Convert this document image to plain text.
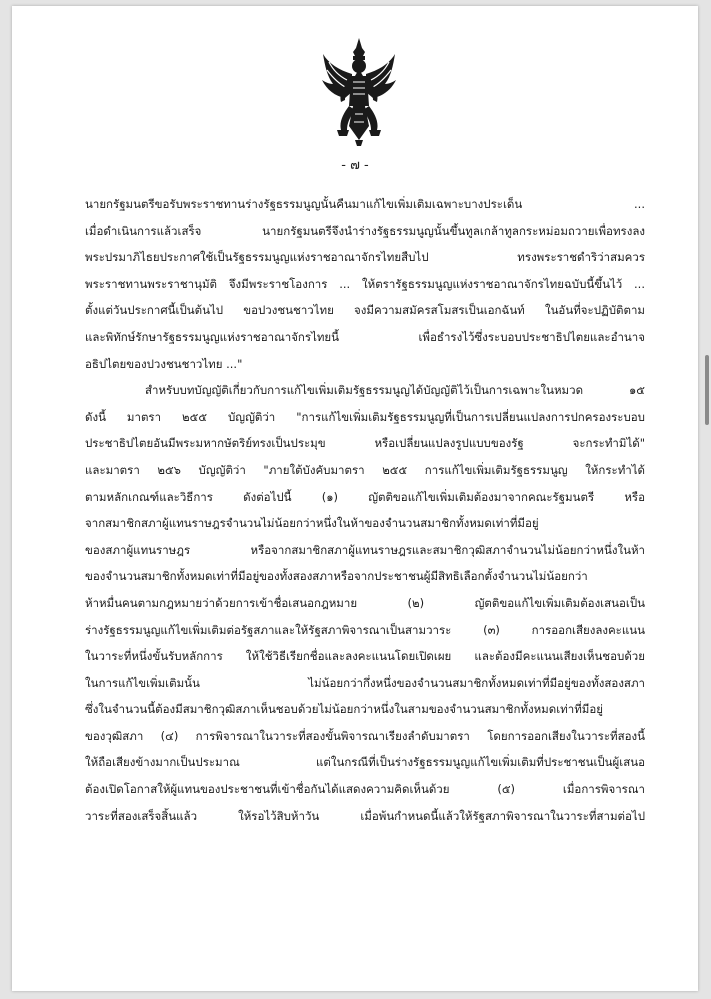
- ๗ -
นายกรัฐมนตรีขอรับพระราชทานร่างรัฐธรรมนูญนั้นคืนมาแก้ไขเพิ่มเติมเฉพาะบางประเด็น ...
เมื่อดำเนินการแล้วเสร็จ นายกรัฐมนตรีจึงนำร่างรัฐธรรมนูญนั้นขึ้นทูลเกล้าทูลกระหม่อมถวายเพื่อทรงลง
พระปรมาภิไธยประกาศใช้เป็นรัฐธรรมนูญแห่งราชอาณาจักรไทยสืบไป ทรงพระราชดำริว่าสมควร
พระราชทานพระราชานุมัติ จึงมีพระราชโองการ ... ให้ตรารัฐธรรมนูญแห่งราชอาณาจักรไทยฉบับนี้ขึ้นไว้ ...
ตั้งแต่วันประกาศนี้เป็นต้นไป ขอปวงชนชาวไทย จงมีความสมัครสโมสรเป็นเอกฉันท์ ในอันที่จะปฏิบัติตาม
และพิทักษ์รักษารัฐธรรมนูญแห่งราชอาณาจักรไทยนี้ เพื่อธำรงไว้ซึ่งระบอบประชาธิปไตยและอำนาจ
อธิปไตยของปวงชนชาวไทย ..."
สำหรับบทบัญญัติเกี่ยวกับการแก้ไขเพิ่มเติมรัฐธรรมนูญได้บัญญัติไว้เป็นการเฉพาะในหมวด ๑๕
ดังนี้ มาตรา ๒๕๕ บัญญัติว่า "การแก้ไขเพิ่มเติมรัฐธรรมนูญที่เป็นการเปลี่ยนแปลงการปกครองระบอบ
ประชาธิปไตยอันมีพระมหากษัตริย์ทรงเป็นประมุข หรือเปลี่ยนแปลงรูปแบบของรัฐ จะกระทำมิได้"
และมาตรา ๒๕๖ บัญญัติว่า "ภายใต้บังคับมาตรา ๒๕๕ การแก้ไขเพิ่มเติมรัฐธรรมนูญ ให้กระทำได้
ตามหลักเกณฑ์และวิธีการ ดังต่อไปนี้ (๑) ญัตติขอแก้ไขเพิ่มเติมต้องมาจากคณะรัฐมนตรี หรือ
จากสมาชิกสภาผู้แทนราษฎรจำนวนไม่น้อยกว่าหนึ่งในห้าของจำนวนสมาชิกทั้งหมดเท่าที่มีอยู่
ของสภาผู้แทนราษฎร หรือจากสมาชิกสภาผู้แทนราษฎรและสมาชิกวุฒิสภาจำนวนไม่น้อยกว่าหนึ่งในห้า
ของจำนวนสมาชิกทั้งหมดเท่าที่มีอยู่ของทั้งสองสภาหรือจากประชาชนผู้มีสิทธิเลือกตั้งจำนวนไม่น้อยกว่า
ห้าหมื่นคนตามกฎหมายว่าด้วยการเข้าชื่อเสนอกฎหมาย (๒) ญัตติขอแก้ไขเพิ่มเติมต้องเสนอเป็น
ร่างรัฐธรรมนูญแก้ไขเพิ่มเติมต่อรัฐสภาและให้รัฐสภาพิจารณาเป็นสามวาระ (๓) การออกเสียงลงคะแนน
ในวาระที่หนึ่งขั้นรับหลักการ ให้ใช้วิธีเรียกชื่อและลงคะแนนโดยเปิดเผย และต้องมีคะแนนเสียงเห็นชอบด้วย
ในการแก้ไขเพิ่มเติมนั้น ไม่น้อยกว่ากึ่งหนึ่งของจำนวนสมาชิกทั้งหมดเท่าที่มีอยู่ของทั้งสองสภา
ซึ่งในจำนวนนี้ต้องมีสมาชิกวุฒิสภาเห็นชอบด้วยไม่น้อยกว่าหนึ่งในสามของจำนวนสมาชิกทั้งหมดเท่าที่มีอยู่
ของวุฒิสภา (๔) การพิจารณาในวาระที่สองขั้นพิจารณาเรียงลำดับมาตรา โดยการออกเสียงในวาระที่สองนี้
ให้ถือเสียงข้างมากเป็นประมาณ แต่ในกรณีที่เป็นร่างรัฐธรรมนูญแก้ไขเพิ่มเติมที่ประชาชนเป็นผู้เสนอ
ต้องเปิดโอกาสให้ผู้แทนของประชาชนที่เข้าชื่อกันได้แสดงความคิดเห็นด้วย (๕) เมื่อการพิจารณา
วาระที่สองเสร็จสิ้นแล้ว ให้รอไว้สิบห้าวัน เมื่อพ้นกำหนดนี้แล้วให้รัฐสภาพิจารณาในวาระที่สามต่อไป
